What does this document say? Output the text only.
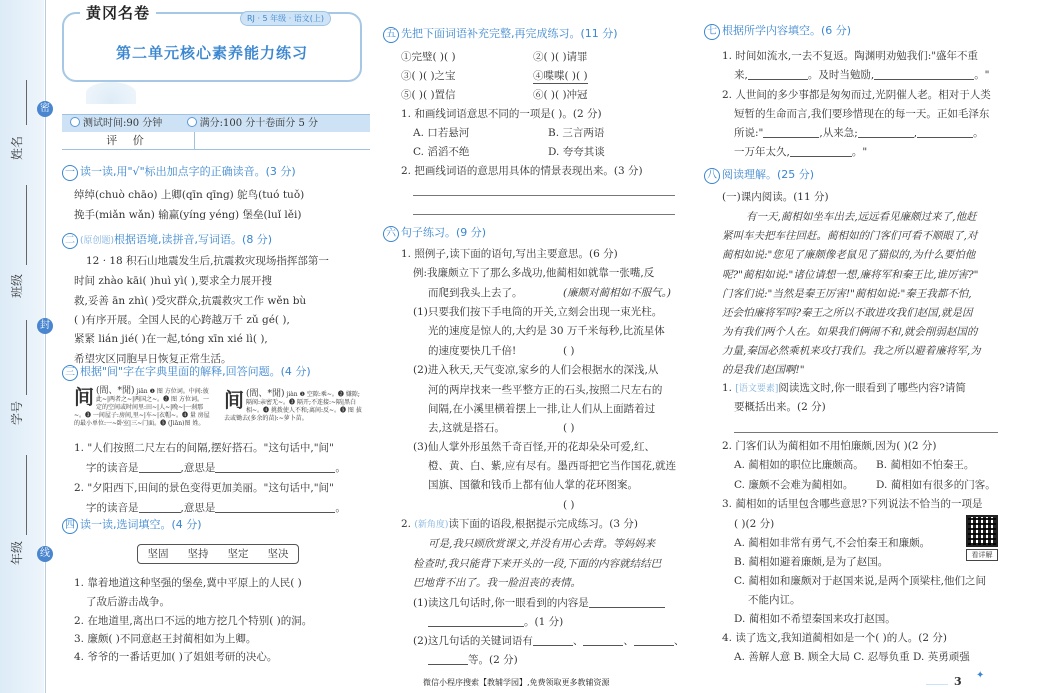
密
封
线
姓名
班级
学号
年级
黄冈名卷	RJ · 5 年级 · 语文(上)
第二单元核心素养能力练习
测试时间:90 分钟	满分:100 分十卷面分 5 分
评 价
一 读一读,用"√"标出加点字的正确读音。(3 分)
绰绰(chuò chāo) 上卿(qīn qīng) 鸵鸟(tuó tuǒ)
挽手(miǎn wǎn) 输赢(yíng yéng) 堡垒(luǐ lěi)
二 (原创题)根据语境,读拼音,写词语。(8 分)
12 · 18 积石山地震发生后,抗震救灾现场指挥部第一
时间 zhào kāi( )huì yì( ),要求全力展开搜
救,妥善 ān zhì( )受灾群众,抗震救灾工作 wěn bù
( )有序开展。全国人民的心跨越万千 zǔ gé( ),
紧紧 lián jié( )在一起,tóng xīn xié lì( ),
希望灾区同胞早日恢复正常生活。
三 根据"间"字在字典里面的解释,回答问题。(4 分)
间 (間、*閒) jiān ❶ 图 方位词。中间:彼此~|两者之~|两国之~。❷ 图 方位词。一定的空间或时间里:田~|人~|晚~|一刹那~。❸ 一间屋子:房间,里~|车~|衣帽~。❹ 量 房屋的最小单位:一~卧室|三~门面。❺ (Jiān)图 姓。
间 (間、*閒) jiàn ❶ 空隙:乘~。❷ 嫌隙;隔阂:亲密无~。❸ 隔开;不连接:~隔|黑白相~。❹ 挑拨使人不和;离间:反~。❺ 图 拔去或锄去(多余的苗):~萝卜苗。
1. "人们按照二尺左右的间隔,摆好搭石。"这句话中,"间"
字的读音是	,意思是	。
2. "夕阳西下,田间的景色变得更加美丽。"这句话中,"间"
字的读音是	,意思是	。
四 读一读,选词填空。(4 分)
坚固 坚持 坚定 坚决
1. 靠着地道这种坚强的堡垒,冀中平原上的人民( )
了敌后游击战争。
2. 在地道里,离出口不远的地方挖几个特别( )的洞。
3. 廉颇( )不同意赵王封蔺相如为上卿。
4. 爷爷的一番话更加( )了姐姐考研的决心。
五 先把下面词语补充完整,再完成练习。(11 分)
①完璧( )( )	②( )( )请罪
③( )( )之宝	④喋喋( )( )
⑤( )( )置信	⑥( )( )冲冠
1. 和画线词语意思不同的一项是( )。(2 分)
A. 口若悬河	B. 三言两语
C. 滔滔不绝	D. 夸夸其谈
2. 把画线词语的意思用具体的情景表现出来。(3 分)
六 句子练习。(9 分)
1. 照例子,读下面的语句,写出主要意思。(6 分)
例:我廉颇立下了那么多战功,他蔺相如就靠一张嘴,反
而爬到我头上去了。	(廉颇对蔺相如不服气。)
(1)只要我们按下手电筒的开关,立刻会出现一束光柱。
光的速度是惊人的,大约是 30 万千米每秒,比流星体
的速度要快几千倍!	( )
(2)进入秋天,天气变凉,家乡的人们会根据水的深浅,从
河的两岸找来一些平整方正的石头,按照二尺左右的
间隔,在小溪里横着摆上一排,让人们从上面踏着过
去,这就是搭石。	( )
(3)仙人掌外形虽然千奇百怪,开的花却朵朵可爱,红、
橙、黄、白、紫,应有尽有。墨西哥把它当作国花,就连
国旗、国徽和钱币上都有仙人掌的花环图案。
( )
2. (新角度)读下面的语段,根据提示完成练习。(3 分)
可是,我只顾欣赏课文,并没有用心去背。等妈妈来
检查时,我只能背下来开头的一段,下面的内容就结结巴
巴地背不出了。我一脸沮丧的表情。
(1)读这几句话时,你一眼看到的内容是
。(1 分)
(2)这几句话的关键词语有	、	、	、
等。(2 分)
七 根据所学内容填空。(6 分)
1. 时间如流水,一去不复返。陶渊明劝勉我们:"盛年不重
来,	。及时当勉励,	。"
2. 人世间的多少事都是匆匆而过,光阴催人老。相对于人类
短暂的生命而言,我们要珍惜现在的每一天。正如毛泽东
所说:"	,从来急;	,	。
一万年太久,	。"
八 阅读理解。(25 分)
(一)课内阅读。(11 分)
有一天,蔺相如坐车出去,远远看见廉颇过来了,他赶
紧叫车夫把车往回赶。蔺相如的门客们可看不顺眼了,对
蔺相如说:"您见了廉颇像老鼠见了猫似的,为什么要怕他
呢?"蔺相如说:"诸位请想一想,廉将军和秦王比,谁厉害?"
门客们说:"当然是秦王厉害!"蔺相如说:"秦王我都不怕,
还会怕廉将军吗?秦王之所以不敢进攻我们赵国,就是因
为有我们两个人在。如果我们俩闹不和,就会削弱赵国的
力量,秦国必然乘机来攻打我们。我之所以避着廉将军,为
的是我们赵国啊!"
1. [语文要素]阅读选文时,你一眼看到了哪些内容?请简
要概括出来。(2 分)
2. 门客们认为蔺相如不用怕廉颇,因为( )(2 分)
A. 蔺相如的职位比廉颇高。 B. 蔺相如不怕秦王。
C. 廉颇不会难为蔺相如。 D. 蔺相如有很多的门客。
3. 蔺相如的话里包含哪些意思?下列说法不恰当的一项是
( )(2 分)
看详解
A. 蔺相如非常有勇气,不会怕秦王和廉颇。
B. 蔺相如避着廉颇,是为了赵国。
C. 蔺相如和廉颇对于赵国来说,是两个顶梁柱,他们之间
不能内讧。
D. 蔺相如不希望秦国来攻打赵国。
4. 读了选文,我知道蔺相如是一个( )的人。(2 分)
A. 善解人意 B. 顾全大局 C. 忍辱负重 D. 英勇顽强
微信小程序搜索【教辅学园】,免费领取更多教辅资源	3 ✦
